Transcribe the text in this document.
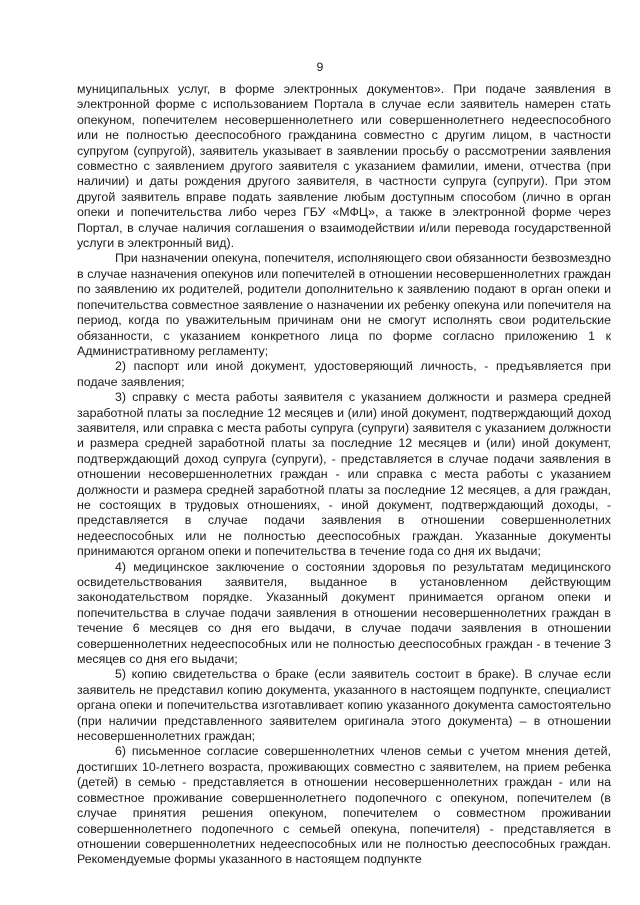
9

муниципальных услуг, в форме электронных документов». При подаче заявления в электронной форме с использованием Портала в случае если заявитель намерен стать опекуном, попечителем несовершеннолетнего или совершеннолетнего недееспособного или не полностью дееспособного гражданина совместно с другим лицом, в частности супругом (супругой), заявитель указывает в заявлении просьбу о рассмотрении заявления совместно с заявлением другого заявителя с указанием фамилии, имени, отчества (при наличии) и даты рождения другого заявителя, в частности супруга (супруги). При этом другой заявитель вправе подать заявление любым доступным способом (лично в орган опеки и попечительства либо через ГБУ «МФЦ», а также в электронной форме через Портал, в случае наличия соглашения о взаимодействии и/или перевода государственной услуги в электронный вид).

При назначении опекуна, попечителя, исполняющего свои обязанности безвозмездно в случае назначения опекунов или попечителей в отношении несовершеннолетних граждан по заявлению их родителей, родители дополнительно к заявлению подают в орган опеки и попечительства совместное заявление о назначении их ребенку опекуна или попечителя на период, когда по уважительным причинам они не смогут исполнять свои родительские обязанности, с указанием конкретного лица по форме согласно приложению 1 к Административному регламенту;

2) паспорт или иной документ, удостоверяющий личность, - предъявляется при подаче заявления;

3) справку с места работы заявителя с указанием должности и размера средней заработной платы за последние 12 месяцев и (или) иной документ, подтверждающий доход заявителя, или справка с места работы супруга (супруги) заявителя с указанием должности и размера средней заработной платы за последние 12 месяцев и (или) иной документ, подтверждающий доход супруга (супруги), - представляется в случае подачи заявления в отношении несовершеннолетних граждан - или справка с места работы с указанием должности и размера средней заработной платы за последние 12 месяцев, а для граждан, не состоящих в трудовых отношениях, - иной документ, подтверждающий доходы, - представляется в случае подачи заявления в отношении совершеннолетних недееспособных или не полностью дееспособных граждан. Указанные документы принимаются органом опеки и попечительства в течение года со дня их выдачи;

4) медицинское заключение о состоянии здоровья по результатам медицинского освидетельствования заявителя, выданное в установленном действующим законодательством порядке. Указанный документ принимается органом опеки и попечительства в случае подачи заявления в отношении несовершеннолетних граждан в течение 6 месяцев со дня его выдачи, в случае подачи заявления в отношении совершеннолетних недееспособных или не полностью дееспособных граждан - в течение 3 месяцев со дня его выдачи;

5) копию свидетельства о браке (если заявитель состоит в браке). В случае если заявитель не представил копию документа, указанного в настоящем подпункте, специалист органа опеки и попечительства изготавливает копию указанного документа самостоятельно (при наличии представленного заявителем оригинала этого документа) – в отношении несовершеннолетних граждан;

6) письменное согласие совершеннолетних членов семьи с учетом мнения детей, достигших 10-летнего возраста, проживающих совместно с заявителем, на прием ребенка (детей) в семью - представляется в отношении несовершеннолетних граждан - или на совместное проживание совершеннолетнего подопечного с опекуном, попечителем (в случае принятия решения опекуном, попечителем о совместном проживании совершеннолетнего подопечного с семьей опекуна, попечителя) - представляется в отношении совершеннолетних недееспособных или не полностью дееспособных граждан. Рекомендуемые формы указанного в настоящем подпункте
